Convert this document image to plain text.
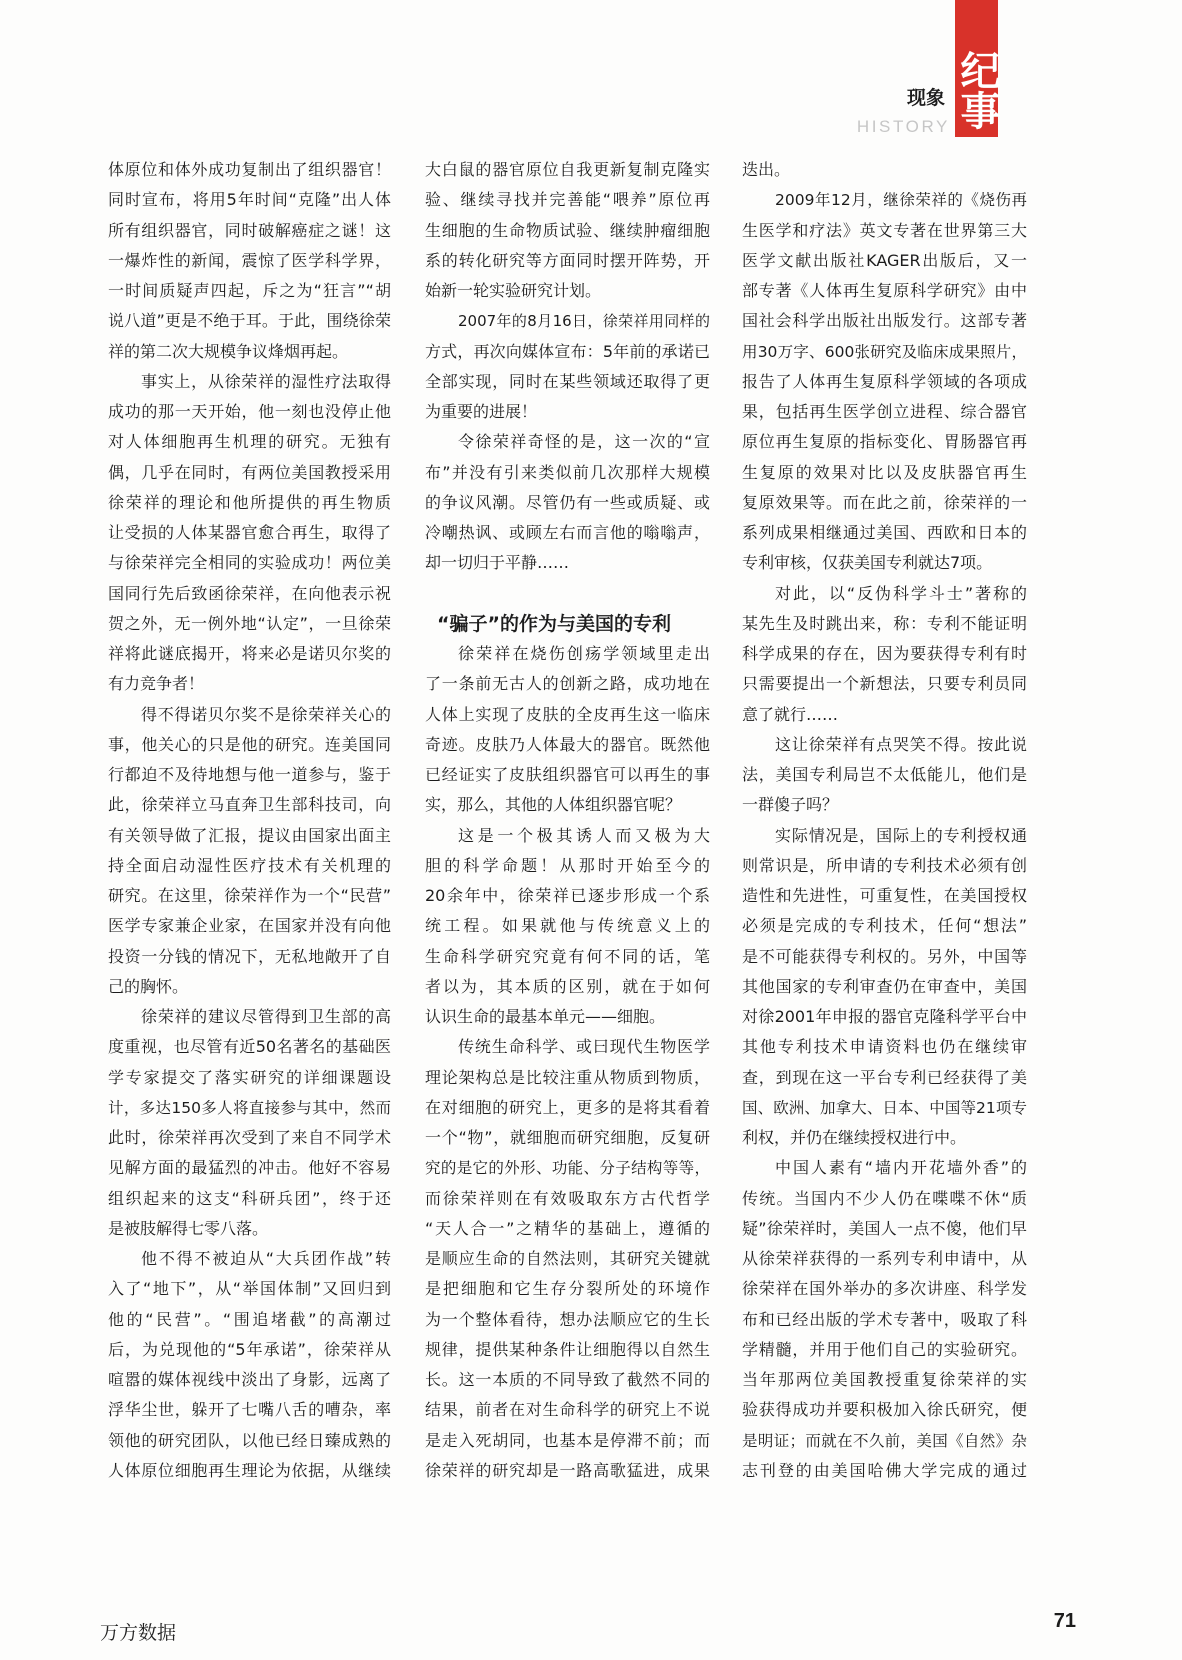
现象
HISTORY 纪事
体原位和体外成功复制出了组织器官！
同时宣布，将用5年时间“克隆”出人体
所有组织器官，同时破解癌症之谜！这
一爆炸性的新闻，震惊了医学科学界，
一时间质疑声四起，斥之为“狂言”“胡
说八道”更是不绝于耳。于此，围绕徐荣
祥的第二次大规模争议烽烟再起。
事实上，从徐荣祥的湿性疗法取得
成功的那一天开始，他一刻也没停止他
对人体细胞再生机理的研究。无独有
偶，几乎在同时，有两位美国教授采用
徐荣祥的理论和他所提供的再生物质
让受损的人体某器官愈合再生，取得了
与徐荣祥完全相同的实验成功！两位美
国同行先后致函徐荣祥，在向他表示祝
贺之外，无一例外地“认定”，一旦徐荣
祥将此谜底揭开，将来必是诺贝尔奖的
有力竞争者！
得不得诺贝尔奖不是徐荣祥关心的
事，他关心的只是他的研究。连美国同
行都迫不及待地想与他一道参与，鉴于
此，徐荣祥立马直奔卫生部科技司，向
有关领导做了汇报，提议由国家出面主
持全面启动湿性医疗技术有关机理的
研究。在这里，徐荣祥作为一个“民营”
医学专家兼企业家，在国家并没有向他
投资一分钱的情况下，无私地敞开了自
己的胸怀。
徐荣祥的建议尽管得到卫生部的高
度重视，也尽管有近50名著名的基础医
学专家提交了落实研究的详细课题设
计，多达150多人将直接参与其中，然而
此时，徐荣祥再次受到了来自不同学术
见解方面的最猛烈的冲击。他好不容易
组织起来的这支“科研兵团”，终于还
是被肢解得七零八落。
他不得不被迫从“大兵团作战”转
入了“地下”，从“举国体制”又回归到
他的“民营”。“围追堵截”的高潮过
后，为兑现他的“5年承诺”，徐荣祥从
喧嚣的媒体视线中淡出了身影，远离了
浮华尘世，躲开了七嘴八舌的嘈杂，率
领他的研究团队，以他已经日臻成熟的
人体原位细胞再生理论为依据，从继续
大白鼠的器官原位自我更新复制克隆实
验、继续寻找并完善能“喂养”原位再
生细胞的生命物质试验、继续肿瘤细胞
系的转化研究等方面同时摆开阵势，开
始新一轮实验研究计划。
2007年的8月16日，徐荣祥用同样的
方式，再次向媒体宣布：5年前的承诺已
全部实现，同时在某些领域还取得了更
为重要的进展！
令徐荣祥奇怪的是，这一次的“宣
布”并没有引来类似前几次那样大规模
的争议风潮。尽管仍有一些或质疑、或
冷嘲热讽、或顾左右而言他的嗡嗡声，
却一切归于平静……
“骗子”的作为与美国的专利
徐荣祥在烧伤创疡学领域里走出
了一条前无古人的创新之路，成功地在
人体上实现了皮肤的全皮再生这一临床
奇迹。皮肤乃人体最大的器官。既然他
已经证实了皮肤组织器官可以再生的事
实，那么，其他的人体组织器官呢？
这是一个极其诱人而又极为大
胆的科学命题！从那时开始至今的
20余年中，徐荣祥已逐步形成一个系
统工程。如果就他与传统意义上的
生命科学研究究竟有何不同的话，笔
者以为，其本质的区别，就在于如何
认识生命的最基本单元——细胞。
传统生命科学、或曰现代生物医学
理论架构总是比较注重从物质到物质，
在对细胞的研究上，更多的是将其看着
一个“物”，就细胞而研究细胞，反复研
究的是它的外形、功能、分子结构等等，
而徐荣祥则在有效吸取东方古代哲学
“天人合一”之精华的基础上，遵循的
是顺应生命的自然法则，其研究关键就
是把细胞和它生存分裂所处的环境作
为一个整体看待，想办法顺应它的生长
规律，提供某种条件让细胞得以自然生
长。这一本质的不同导致了截然不同的
结果，前者在对生命科学的研究上不说
是走入死胡同，也基本是停滞不前；而
徐荣祥的研究却是一路高歌猛进，成果
迭出。
2009年12月，继徐荣祥的《烧伤再
生医学和疗法》英文专著在世界第三大
医学文献出版社KAGER出版后，又一
部专著《人体再生复原科学研究》由中
国社会科学出版社出版发行。这部专著
用30万字、600张研究及临床成果照片，
报告了人体再生复原科学领域的各项成
果，包括再生医学创立进程、综合器官
原位再生复原的指标变化、胃肠器官再
生复原的效果对比以及皮肤器官再生
复原效果等。而在此之前，徐荣祥的一
系列成果相继通过美国、西欧和日本的
专利审核，仅获美国专利就达7项。
对此，以“反伪科学斗士”著称的
某先生及时跳出来，称：专利不能证明
科学成果的存在，因为要获得专利有时
只需要提出一个新想法，只要专利员同
意了就行……
这让徐荣祥有点哭笑不得。按此说
法，美国专利局岂不太低能儿，他们是
一群傻子吗？
实际情况是，国际上的专利授权通
则常识是，所申请的专利技术必须有创
造性和先进性，可重复性，在美国授权
必须是完成的专利技术，任何“想法”
是不可能获得专利权的。另外，中国等
其他国家的专利审查仍在审查中，美国
对徐2001年申报的器官克隆科学平台中
其他专利技术申请资料也仍在继续审
查，到现在这一平台专利已经获得了美
国、欧洲、加拿大、日本、中国等21项专
利权，并仍在继续授权进行中。
中国人素有“墙内开花墙外香”的
传统。当国内不少人仍在喋喋不休“质
疑”徐荣祥时，美国人一点不傻，他们早
从徐荣祥获得的一系列专利申请中，从
徐荣祥在国外举办的多次讲座、科学发
布和已经出版的学术专著中，吸取了科
学精髓，并用于他们自己的实验研究。
当年那两位美国教授重复徐荣祥的实
验获得成功并要积极加入徐氏研究，便
是明证；而就在不久前，美国《自然》杂
志刊登的由美国哈佛大学完成的通过
万方数据
71
